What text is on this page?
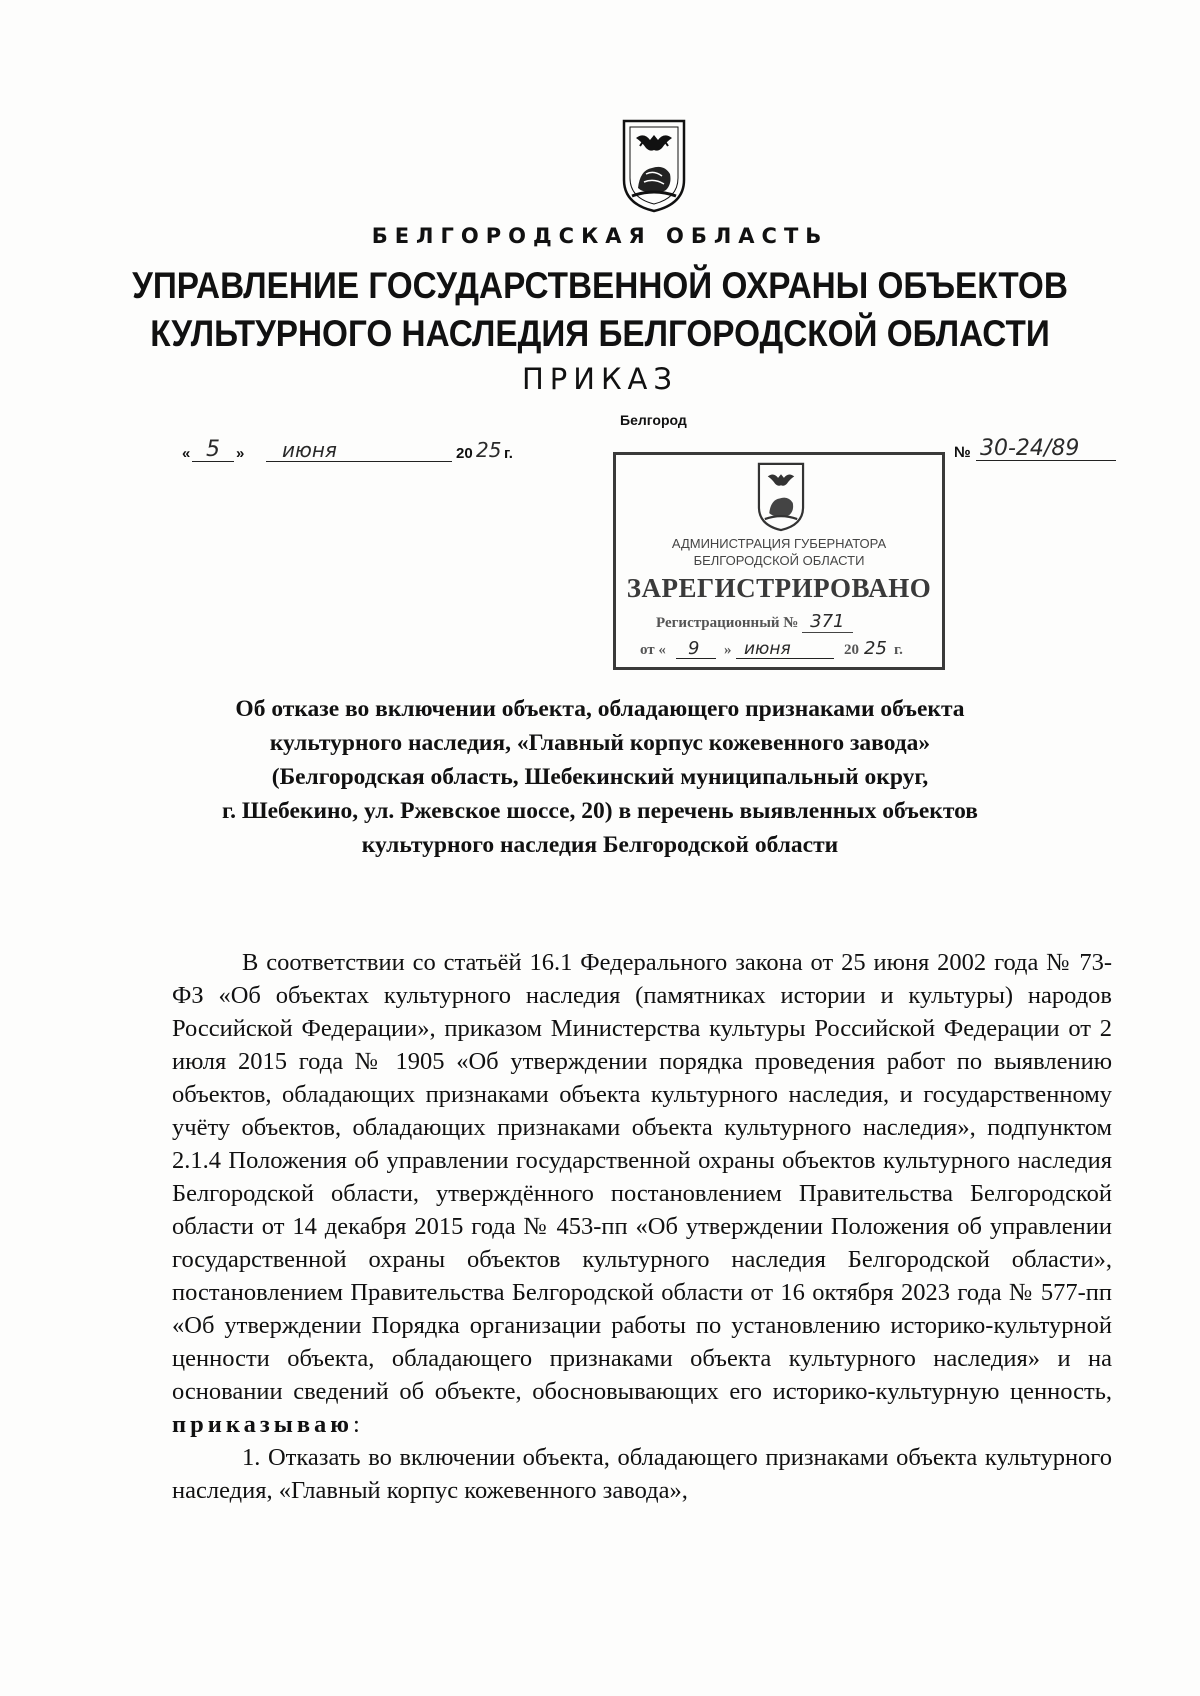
БЕЛГОРОДСКАЯ ОБЛАСТЬ
УПРАВЛЕНИЕ ГОСУДАРСТВЕННОЙ ОХРАНЫ ОБЪЕКТОВ
КУЛЬТУРНОГО НАСЛЕДИЯ БЕЛГОРОДСКОЙ ОБЛАСТИ
ПРИКАЗ
Белгород
« 5 » июня	20 25 г.	№ 30-24/89
АДМИНИСТРАЦИЯ ГУБЕРНАТОРА
БЕЛГОРОДСКОЙ ОБЛАСТИ
ЗАРЕГИСТРИРОВАНО
Регистрационный № 371
от « 9 » июня	20 25 г.
Об отказе во включении объекта, обладающего признаками объекта
культурного наследия, «Главный корпус кожевенного завода»
(Белгородская область, Шебекинский муниципальный округ,
г. Шебекино, ул. Ржевское шоссе, 20) в перечень выявленных объектов
культурного наследия Белгородской области

В соответствии со статьёй 16.1 Федерального закона от 25 июня 2002 года № 73-ФЗ «Об объектах культурного наследия (памятниках истории и культуры) народов Российской Федерации», приказом Министерства культуры Российской Федерации от 2 июля 2015 года № 1905 «Об утверждении порядка проведения работ по выявлению объектов, обладающих признаками объекта культурного наследия, и государственному учёту объектов, обладающих признаками объекта культурного наследия», подпунктом 2.1.4 Положения об управлении государственной охраны объектов культурного наследия Белгородской области, утверждённого постановлением Правительства Белгородской области от 14 декабря 2015 года № 453-пп «Об утверждении Положения об управлении государственной охраны объектов культурного наследия Белгородской области», постановлением Правительства Белгородской области от 16 октября 2023 года № 577-пп «Об утверждении Порядка организации работы по установлению историко-культурной ценности объекта, обладающего признаками объекта культурного наследия» и на основании сведений об объекте, обосновывающих его историко-культурную ценность, приказываю:

1. Отказать во включении объекта, обладающего признаками объекта культурного наследия, «Главный корпус кожевенного завода»,
